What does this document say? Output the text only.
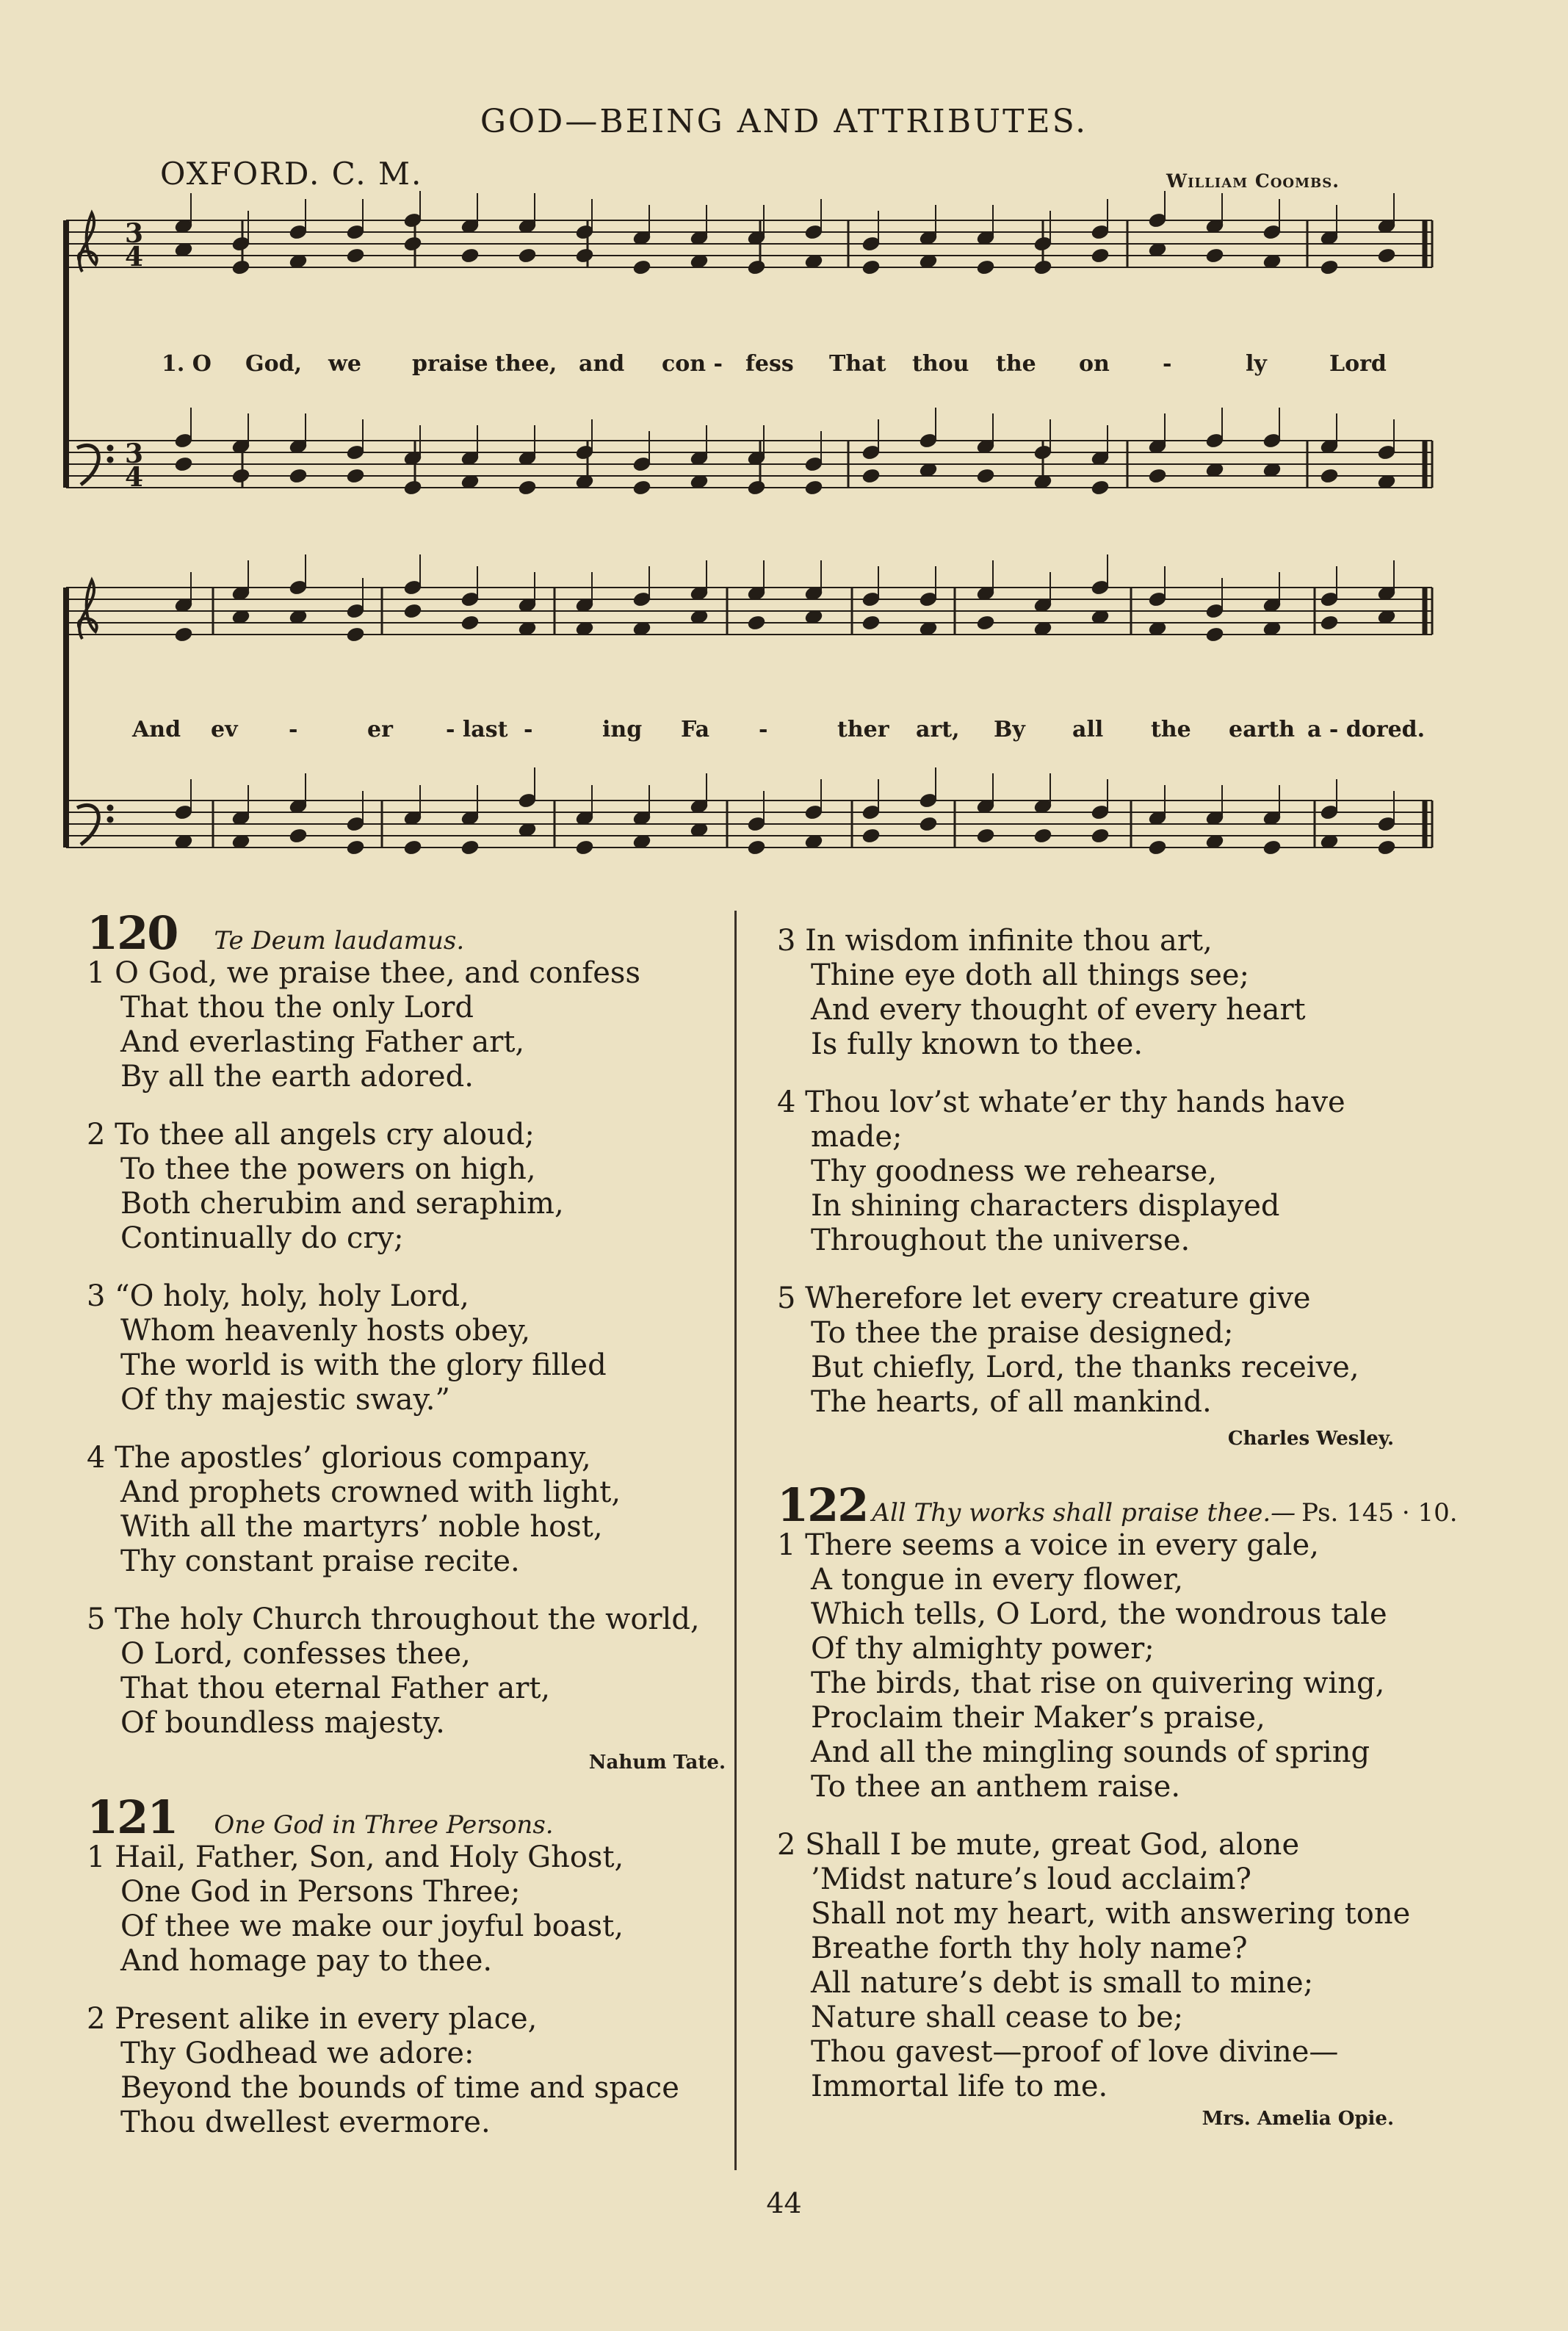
GOD—BEING AND ATTRIBUTES.
OXFORD. C. M.	William Coombs.
3
4
3
4
1. O God, we praise thee, and con - fess That thou the on -	ly	Lord
And ev -	er - last -	ing Fa -	ther art, By all the earth a - dored.
120 Te Deum laudamus.
1 O God, we praise thee, and confess
That thou the only Lord
And everlasting Father art,
By all the earth adored.
2 To thee all angels cry aloud;
To thee the powers on high,
Both cherubim and seraphim,
Continually do cry;
3 “O holy, holy, holy Lord,
Whom heavenly hosts obey,
The world is with the glory filled
Of thy majestic sway.”
4 The apostles’ glorious company,
And prophets crowned with light,
With all the martyrs’ noble host,
Thy constant praise recite.
5 The holy Church throughout the world,
O Lord, confesses thee,
That thou eternal Father art,
Of boundless majesty.
Nahum Tate.
121 One God in Three Persons.
1 Hail, Father, Son, and Holy Ghost,
One God in Persons Three;
Of thee we make our joyful boast,
And homage pay to thee.
2 Present alike in every place,
Thy Godhead we adore:
Beyond the bounds of time and space
Thou dwellest evermore.
3 In wisdom infinite thou art,
Thine eye doth all things see;
And every thought of every heart
Is fully known to thee.
4 Thou lov’st whate’er thy hands have
made;
Thy goodness we rehearse,
In shining characters displayed
Throughout the universe.
5 Wherefore let every creature give
To thee the praise designed;
But chiefly, Lord, the thanks receive,
The hearts, of all mankind.
Charles Wesley.
122 All Thy works shall praise thee.— Ps. 145 · 10.
1 There seems a voice in every gale,
A tongue in every flower,
Which tells, O Lord, the wondrous tale
Of thy almighty power;
The birds, that rise on quivering wing,
Proclaim their Maker’s praise,
And all the mingling sounds of spring
To thee an anthem raise.
2 Shall I be mute, great God, alone
’Midst nature’s loud acclaim?
Shall not my heart, with answering tone
Breathe forth thy holy name?
All nature’s debt is small to mine;
Nature shall cease to be;
Thou gavest—proof of love divine—
Immortal life to me.
Mrs. Amelia Opie.
44
